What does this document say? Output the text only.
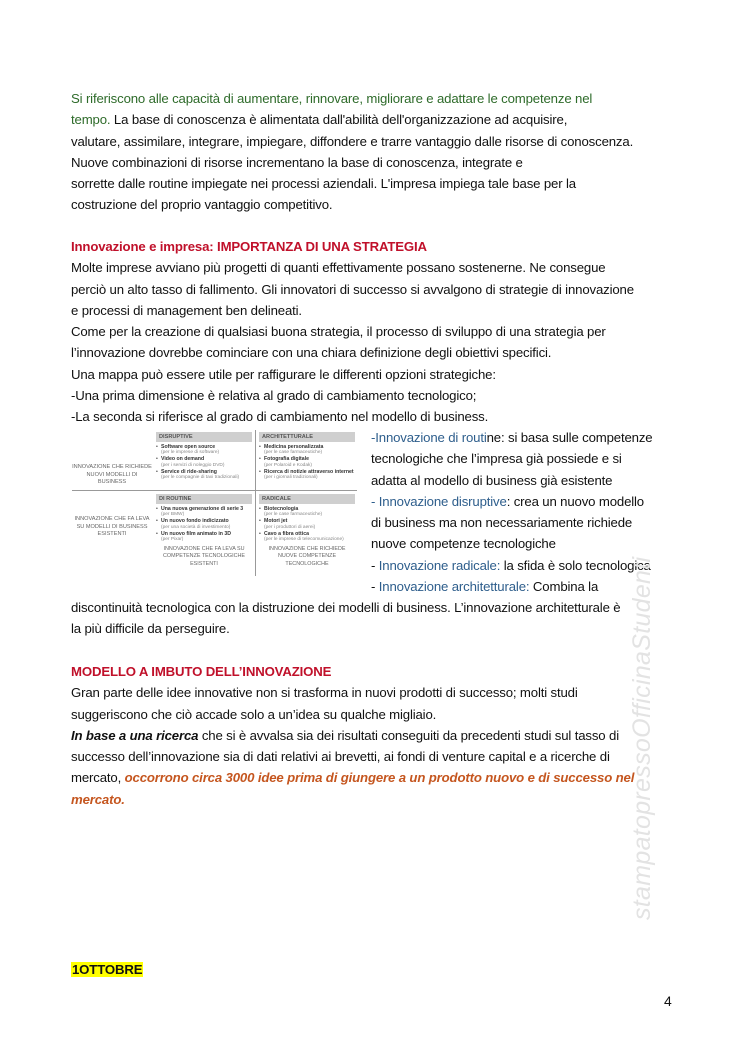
Si riferiscono alle capacità di aumentare, rinnovare, migliorare e adattare le competenze nel
tempo. La base di conoscenza è alimentata dall'abilità dell'organizzazione ad acquisire,
valutare, assimilare, integrare, impiegare, diffondere e trarre vantaggio dalle risorse di conoscenza.
Nuove combinazioni di risorse incrementano la base di conoscenza, integrate e
sorrette dalle routine impiegate nei processi aziendali. L'impresa impiega tale base per la
costruzione del proprio vantaggio competitivo.
Innovazione e impresa: IMPORTANZA DI UNA STRATEGIA
Molte imprese avviano più progetti di quanti effettivamente possano sostenerne. Ne consegue
perciò un alto tasso di fallimento. Gli innovatori di successo si avvalgono di strategie di innovazione
e processi di management ben delineati.
Come per la creazione di qualsiasi buona strategia, il processo di sviluppo di una strategia per
l’innovazione dovrebbe cominciare con una chiara definizione degli obiettivi specifici.
Una mappa può essere utile per raffigurare le differenti opzioni strategiche:
-Una prima dimensione è relativa al grado di cambiamento tecnologico;
-La seconda si riferisce al grado di cambiamento nel modello di business.
INNOVAZIONE CHE RICHIEDE NUOVI MODELLI DI BUSINESS
INNOVAZIONE CHE FA LEVA SU MODELLI DI BUSINESS ESISTENTI
DISRUPTIVE
• Software open source
(per le imprese di software)
• Video on demand
(per i servizi di noleggio DVD)
• Service di ride-sharing
(per le compagnie di taxi tradizionali)
ARCHITETTURALE
• Medicina personalizzata
(per le case farmaceutiche)
• Fotografia digitale
(per Polaroid e Kodak)
• Ricerca di notizie attraverso internet
(per i giornali tradizionali)
DI ROUTINE
• Una nuova generazione di serie 3
(per BMW)
• Un nuovo fondo indicizzato
(per una società di investimento)
• Un nuovo film animato in 3D
(per Pixar)
RADICALE
• Biotecnologia
(per le case farmaceutiche)
• Motori jet
(per i produttori di aerei)
• Cavo a fibra ottica
(per le imprese di telecomunicazione)
INNOVAZIONE CHE FA LEVA SU COMPETENZE TECNOLOGICHE ESISTENTI
INNOVAZIONE CHE RICHIEDE NUOVE COMPETENZE TECNOLOGICHE
-Innovazione di routine: si basa sulle competenze
tecnologiche che l’impresa già possiede e si
adatta al modello di business già esistente
- Innovazione disruptive: crea un nuovo modello
di business ma non necessariamente richiede
nuove competenze tecnologiche
- Innovazione radicale: la sfida è solo tecnologica
- Innovazione architetturale: Combina la
discontinuità tecnologica con la distruzione dei modelli di business. L’innovazione architetturale è
la più difficile da perseguire.
MODELLO A IMBUTO DELL’INNOVAZIONE
Gran parte delle idee innovative non si trasforma in nuovi prodotti di successo; molti studi
suggeriscono che ciò accade solo a un’idea su qualche migliaio.
In base a una ricerca che si è avvalsa sia dei risultati conseguiti da precedenti studi sul tasso di
successo dell’innovazione sia di dati relativi ai brevetti, ai fondi di venture capital e a ricerche di
mercato, occorrono circa 3000 idee prima di giungere a un prodotto nuovo e di successo nel
mercato.
1OTTOBRE
stampatopressoOfficinaStudenti
4
